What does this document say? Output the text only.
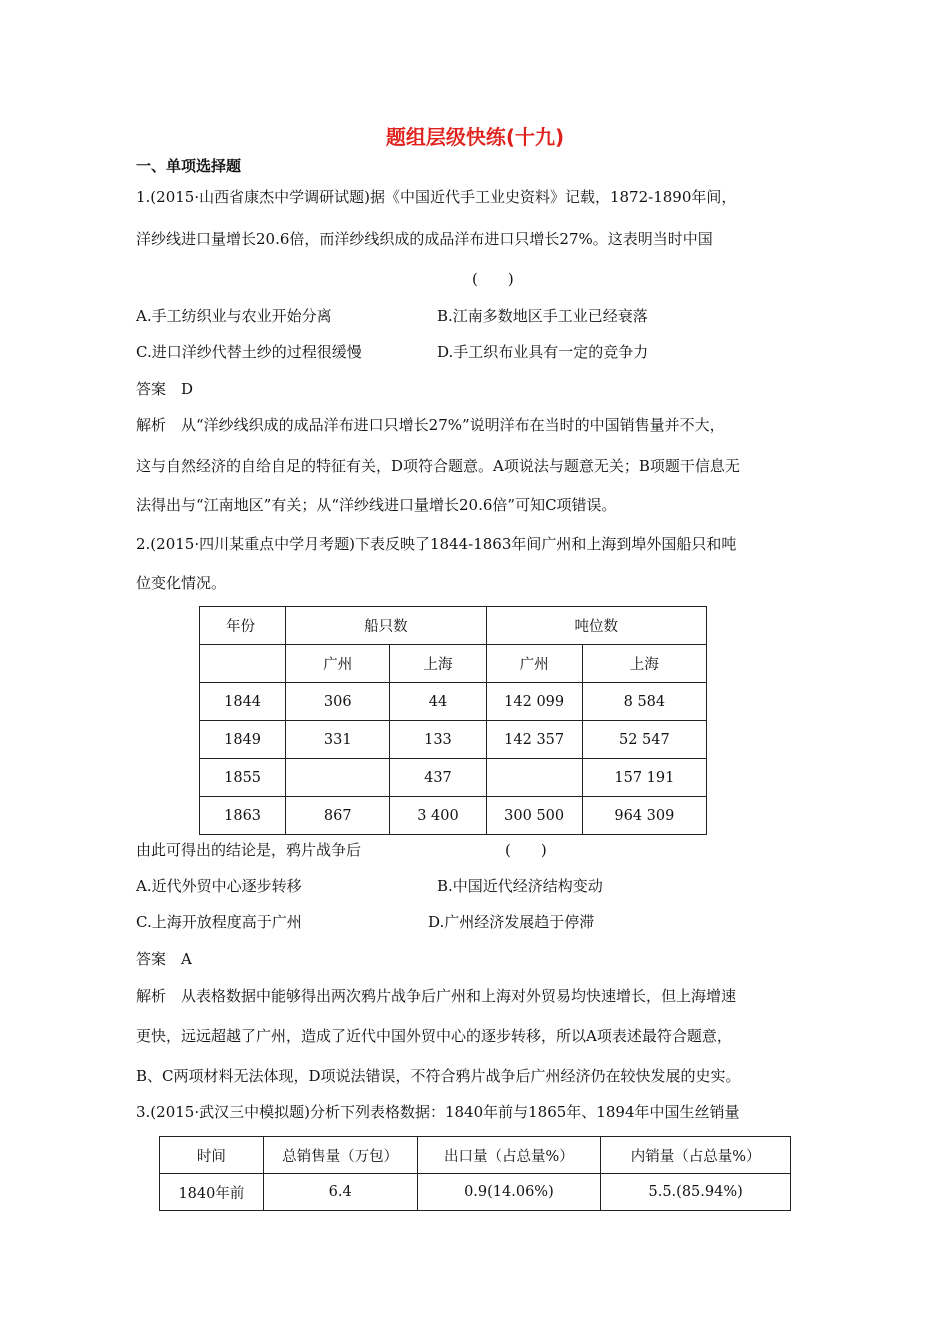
题组层级快练(十九)
一、单项选择题
1.(2015·山西省康杰中学调研试题)据《中国近代手工业史资料》记载，1872-1890年间，
洋纱线进口量增长20.6倍，而洋纱线织成的成品洋布进口只增长27%。这表明当时中国
(　　)
A.手工纺织业与农业开始分离	B.江南多数地区手工业已经衰落
C.进口洋纱代替土纱的过程很缓慢	D.手工织布业具有一定的竞争力
答案　D
解析　从“洋纱线织成的成品洋布进口只增长27%”说明洋布在当时的中国销售量并不大，
这与自然经济的自给自足的特征有关，D项符合题意。A项说法与题意无关；B项题干信息无
法得出与“江南地区”有关；从“洋纱线进口量增长20.6倍”可知C项错误。
2.(2015·四川某重点中学月考题)下表反映了1844-1863年间广州和上海到埠外国船只和吨
位变化情况。
年份	船只数		吨位数	
	广州	上海	广州	上海
1844	306	44	142 099	8 584
1849	331	133	142 357	52 547
1855		437		157 191
1863	867	3 400	300 500	964 309
由此可得出的结论是，鸦片战争后	(　　)
A.近代外贸中心逐步转移	B.中国近代经济结构变动
C.上海开放程度高于广州	D.广州经济发展趋于停滞
答案　A
解析　从表格数据中能够得出两次鸦片战争后广州和上海对外贸易均快速增长，但上海增速
更快，远远超越了广州，造成了近代中国外贸中心的逐步转移，所以A项表述最符合题意，
B、C两项材料无法体现，D项说法错误，不符合鸦片战争后广州经济仍在较快发展的史实。
3.(2015·武汉三中模拟题)分析下列表格数据：1840年前与1865年、1894年中国生丝销量
时间	总销售量（万包）	出口量（占总量%）	内销量（占总量%）
1840年前	6.4	0.9(14.06%)	5.5.(85.94%)
